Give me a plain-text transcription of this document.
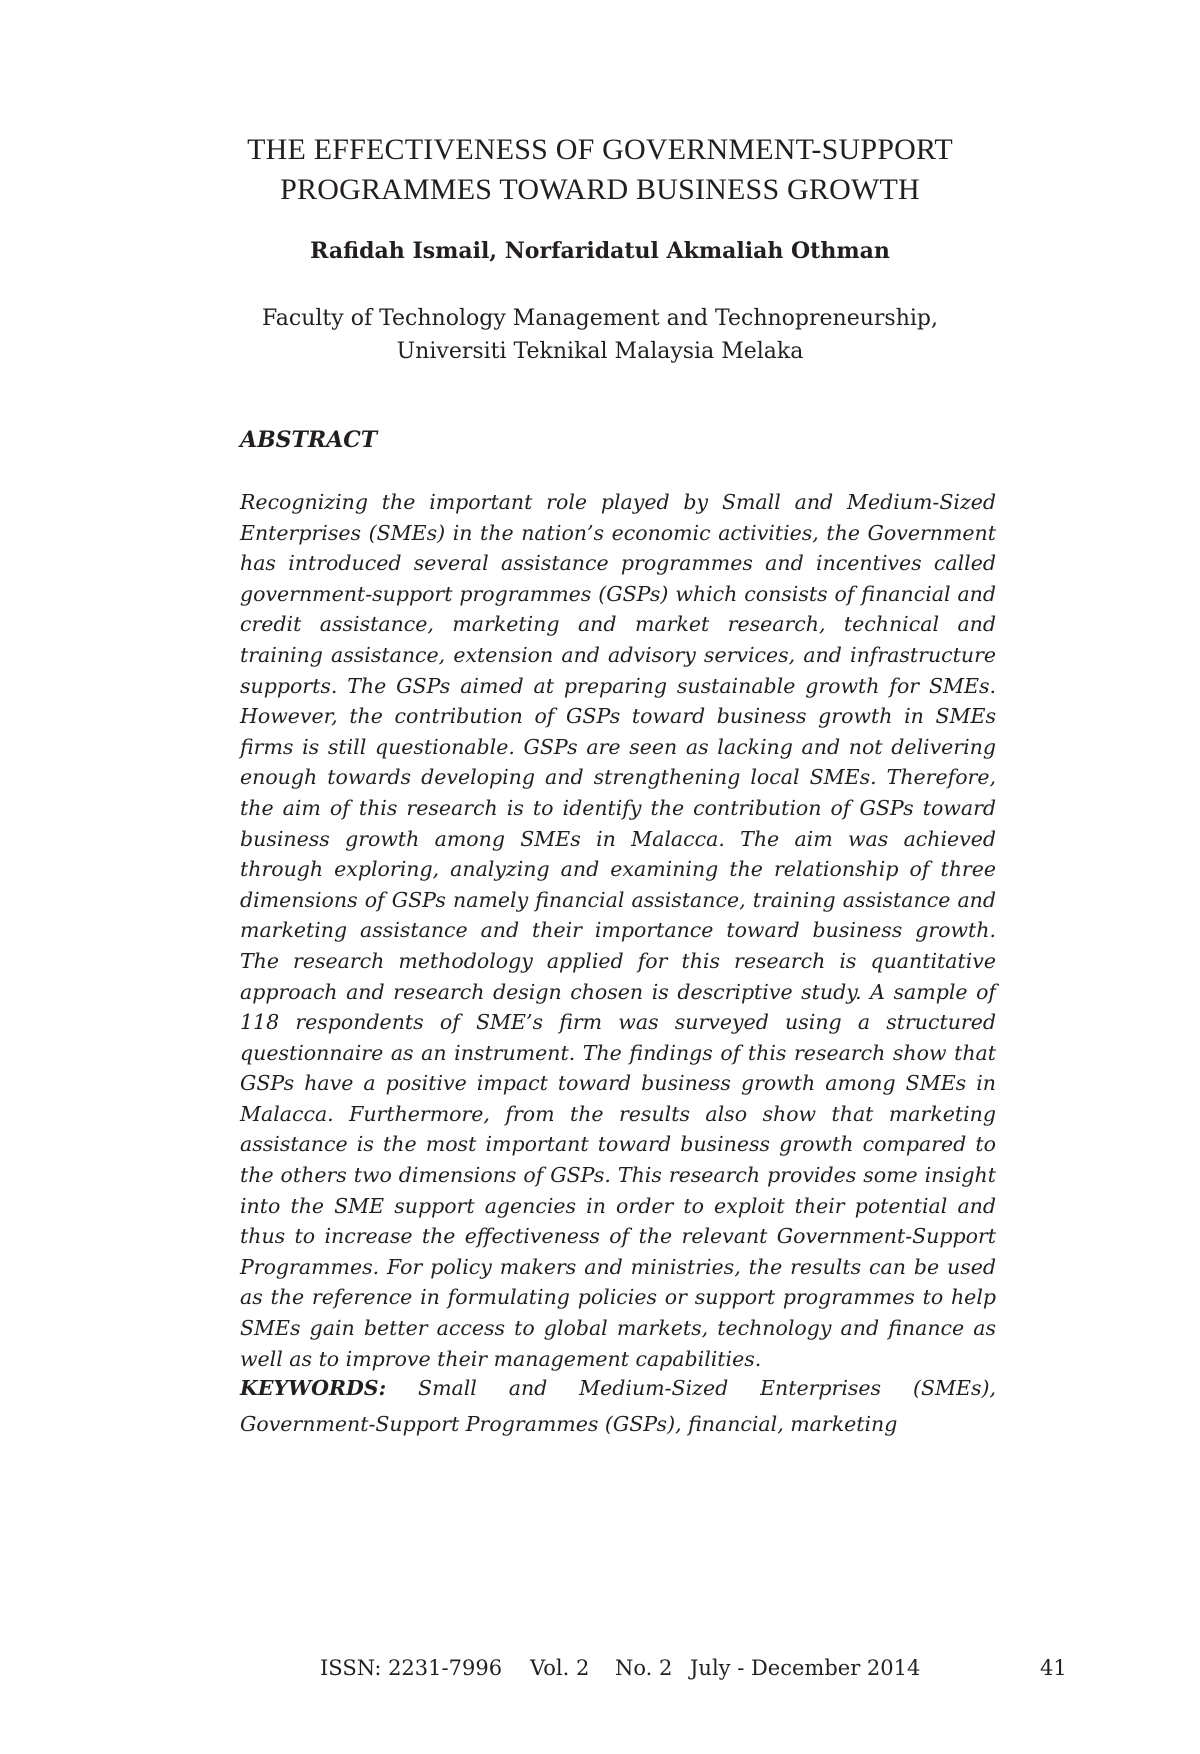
THE EFFECTIVENESS OF GOVERNMENT-SUPPORT
PROGRAMMES TOWARD BUSINESS GROWTH
Rafidah Ismail, Norfaridatul Akmaliah Othman
Faculty of Technology Management and Technopreneurship,
Universiti Teknikal Malaysia Melaka
ABSTRACT
Recognizing the important role played by Small and Medium-Sized Enterprises (SMEs) in the nation’s economic activities, the Government has introduced several assistance programmes and incentives called government-support programmes (GSPs) which consists of financial and credit assistance, marketing and market research, technical and training assistance, extension and advisory services, and infrastructure supports. The GSPs aimed at preparing sustainable growth for SMEs. However, the contribution of GSPs toward business growth in SMEs firms is still questionable. GSPs are seen as lacking and not delivering enough towards developing and strengthening local SMEs. Therefore, the aim of this research is to identify the contribution of GSPs toward business growth among SMEs in Malacca. The aim was achieved through exploring, analyzing and examining the relationship of three dimensions of GSPs namely financial assistance, training assistance and marketing assistance and their importance toward business growth. The research methodology applied for this research is quantitative approach and research design chosen is descriptive study. A sample of 118 respondents of SME’s firm was surveyed using a structured questionnaire as an instrument. The findings of this research show that GSPs have a positive impact toward business growth among SMEs in Malacca. Furthermore, from the results also show that marketing assistance is the most important toward business growth compared to the others two dimensions of GSPs. This research provides some insight into the SME support agencies in order to exploit their potential and thus to increase the effectiveness of the relevant Government-Support Programmes. For policy makers and ministries, the results can be used as the reference in formulating policies or support programmes to help SMEs gain better access to global markets, technology and finance as well as to improve their management capabilities.
KEYWORDS: Small and Medium-Sized Enterprises (SMEs), Government-Support Programmes (GSPs), financial, marketing
ISSN: 2231-7996 Vol. 2 No. 2 July - December 2014	41
